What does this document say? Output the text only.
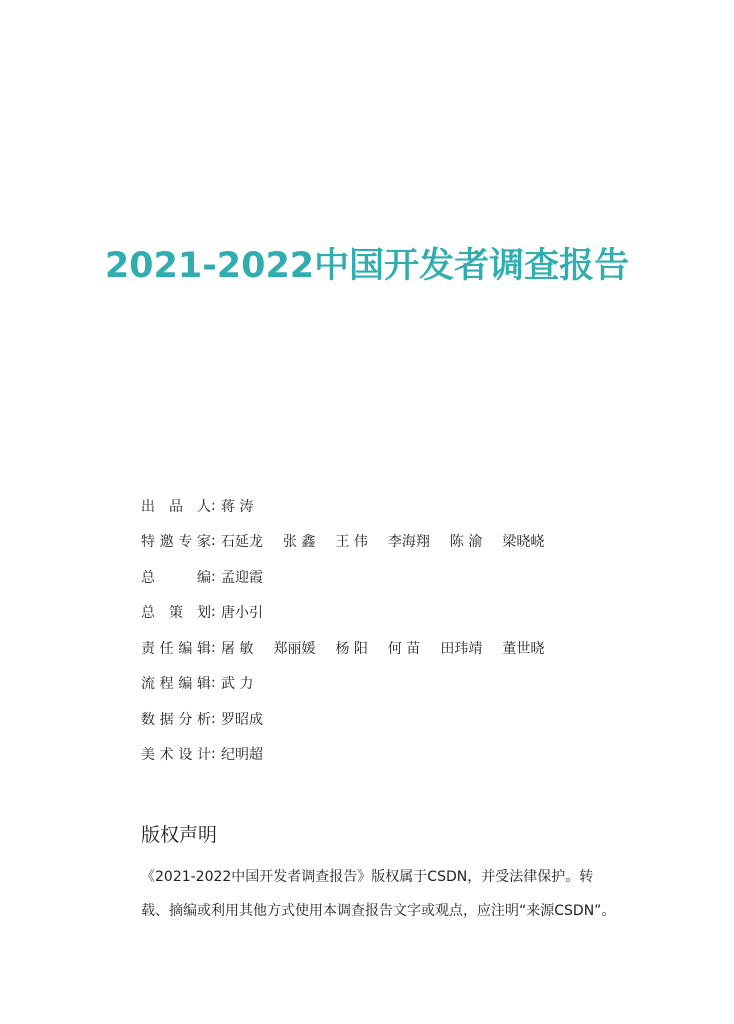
2021-2022中国开发者调查报告
出 品 人 : 蒋 涛
特 邀 专 家 : 石延龙 张 鑫 王 伟 李海翔 陈 渝 梁晓峣
总	编 : 孟迎霞
总 策 划 : 唐小引
责 任 编 辑 : 屠 敏 郑丽媛 杨 阳 何 苗 田玮靖 董世晓
流 程 编 辑 : 武 力
数 据 分 析 : 罗昭成
美 术 设 计 : 纪明超
版权声明
《2021-2022中国开发者调查报告》版权属于CSDN，并受法律保护。转载、摘编或利用其他方式使用本调查报告文字或观点，应注明“来源CSDN”。
